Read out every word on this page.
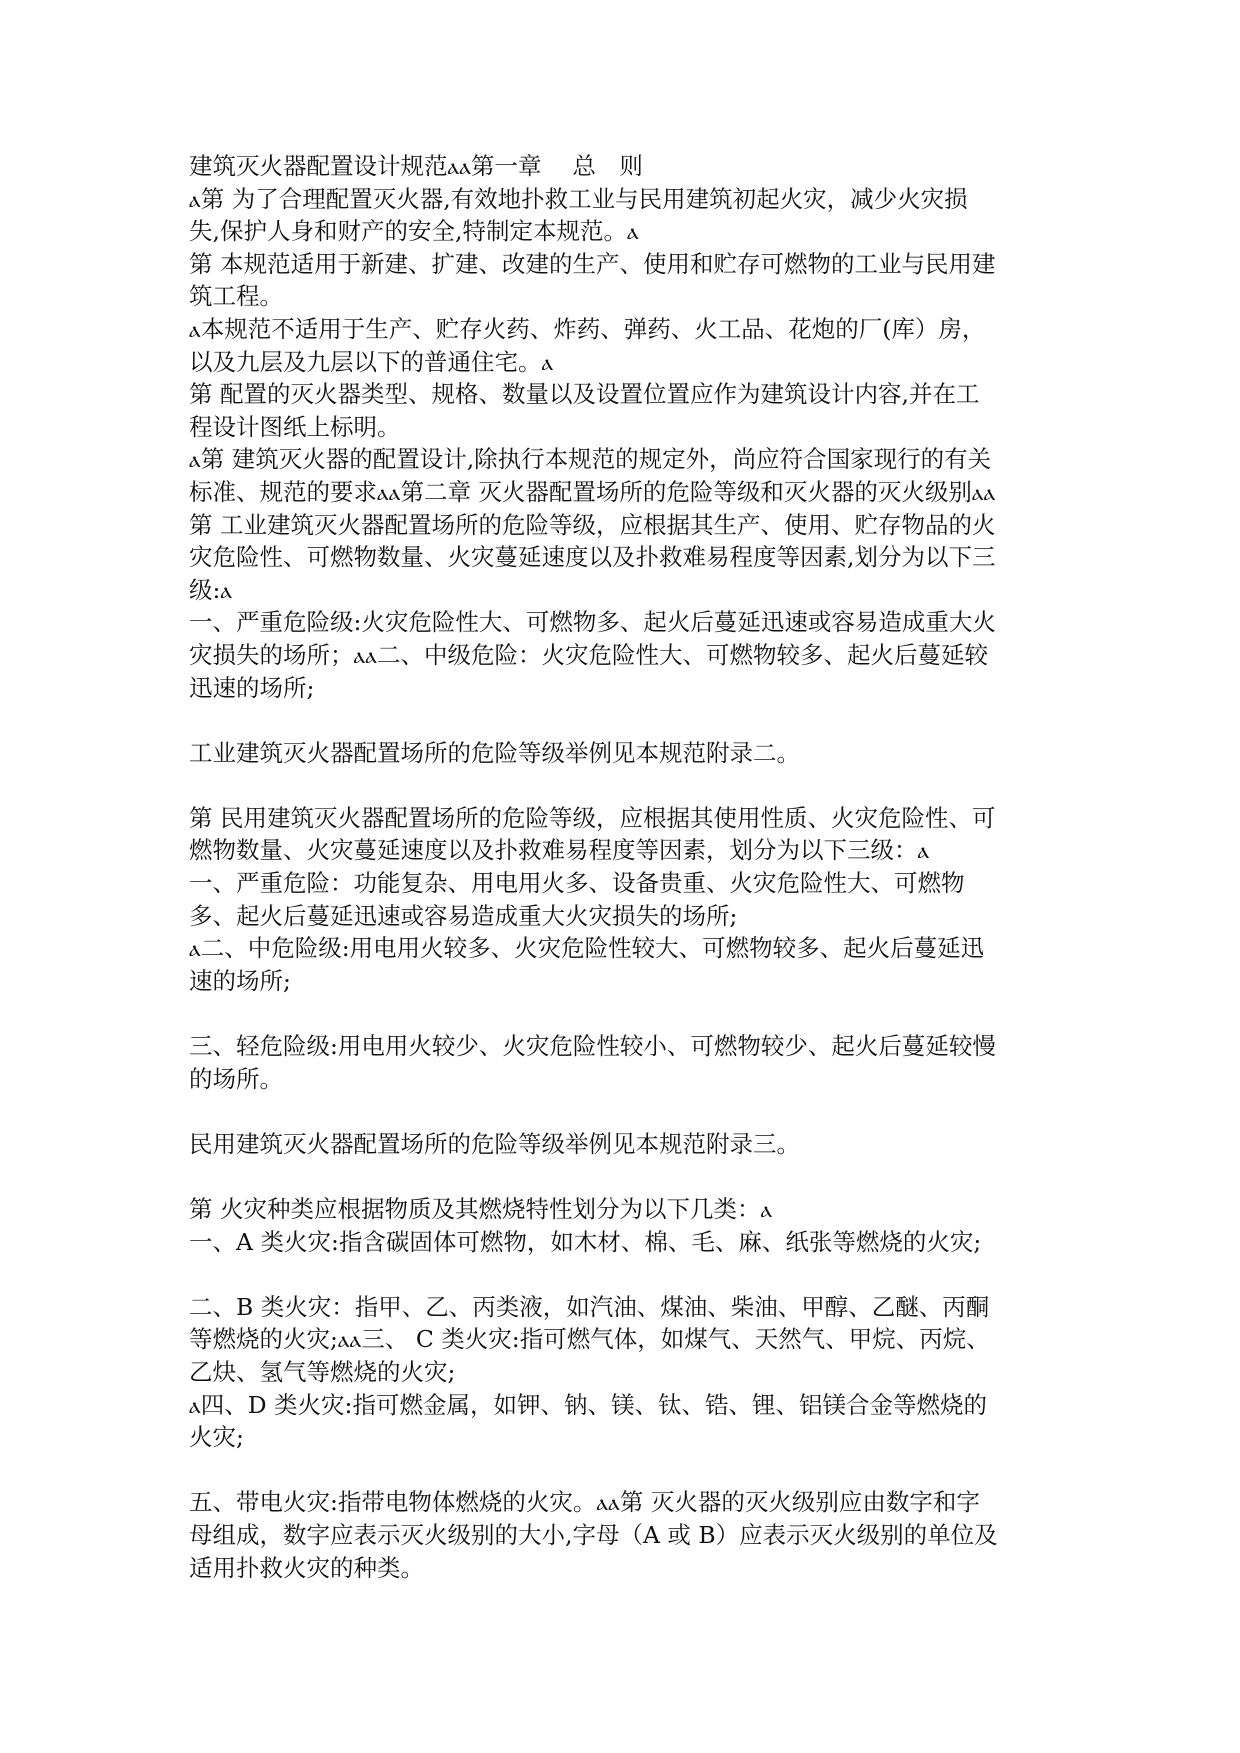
建筑灭火器配置设计规范ⲁⲁ第一章　 总　则
ⲁ第 为了合理配置灭火器,有效地扑救工业与民用建筑初起火灾，减少火灾损
失,保护人身和财产的安全,特制定本规范。ⲁ
第 本规范适用于新建、扩建、改建的生产、使用和贮存可燃物的工业与民用建
筑工程。
ⲁ本规范不适用于生产、贮存火药、炸药、弹药、火工品、花炮的厂(库）房，
以及九层及九层以下的普通住宅。ⲁ
第 配置的灭火器类型、规格、数量以及设置位置应作为建筑设计内容,并在工
程设计图纸上标明。
ⲁ第 建筑灭火器的配置设计,除执行本规范的规定外，尚应符合国家现行的有关
标准、规范的要求ⲁⲁ第二章 灭火器配置场所的危险等级和灭火器的灭火级别ⲁⲁ
第 工业建筑灭火器配置场所的危险等级，应根据其生产、使用、贮存物品的火
灾危险性、可燃物数量、火灾蔓延速度以及扑救难易程度等因素,划分为以下三
级:ⲁ
一、严重危险级:火灾危险性大、可燃物多、起火后蔓延迅速或容易造成重大火
灾损失的场所；ⲁⲁ二、中级危险：火灾危险性大、可燃物较多、起火后蔓延较
迅速的场所;
工业建筑灭火器配置场所的危险等级举例见本规范附录二。
第 民用建筑灭火器配置场所的危险等级，应根据其使用性质、火灾危险性、可
燃物数量、火灾蔓延速度以及扑救难易程度等因素，划分为以下三级：ⲁ
一、严重危险：功能复杂、用电用火多、设备贵重、火灾危险性大、可燃物
多、起火后蔓延迅速或容易造成重大火灾损失的场所;
ⲁ二、中危险级:用电用火较多、火灾危险性较大、可燃物较多、起火后蔓延迅
速的场所;
三、轻危险级:用电用火较少、火灾危险性较小、可燃物较少、起火后蔓延较慢
的场所。
民用建筑灭火器配置场所的危险等级举例见本规范附录三。
第 火灾种类应根据物质及其燃烧特性划分为以下几类：ⲁ
一、A 类火灾:指含碳固体可燃物，如木材、棉、毛、麻、纸张等燃烧的火灾;
二、B 类火灾：指甲、乙、丙类液，如汽油、煤油、柴油、甲醇、乙醚、丙酮
等燃烧的火灾;ⲁⲁ三、 C 类火灾:指可燃气体，如煤气、天然气、甲烷、丙烷、
乙炔、氢气等燃烧的火灾;
ⲁ四、D 类火灾:指可燃金属，如钾、钠、镁、钛、锆、锂、铝镁合金等燃烧的
火灾;
五、带电火灾:指带电物体燃烧的火灾。ⲁⲁ第 灭火器的灭火级别应由数字和字
母组成，数字应表示灭火级别的大小,字母（A 或 B）应表示灭火级别的单位及
适用扑救火灾的种类。
